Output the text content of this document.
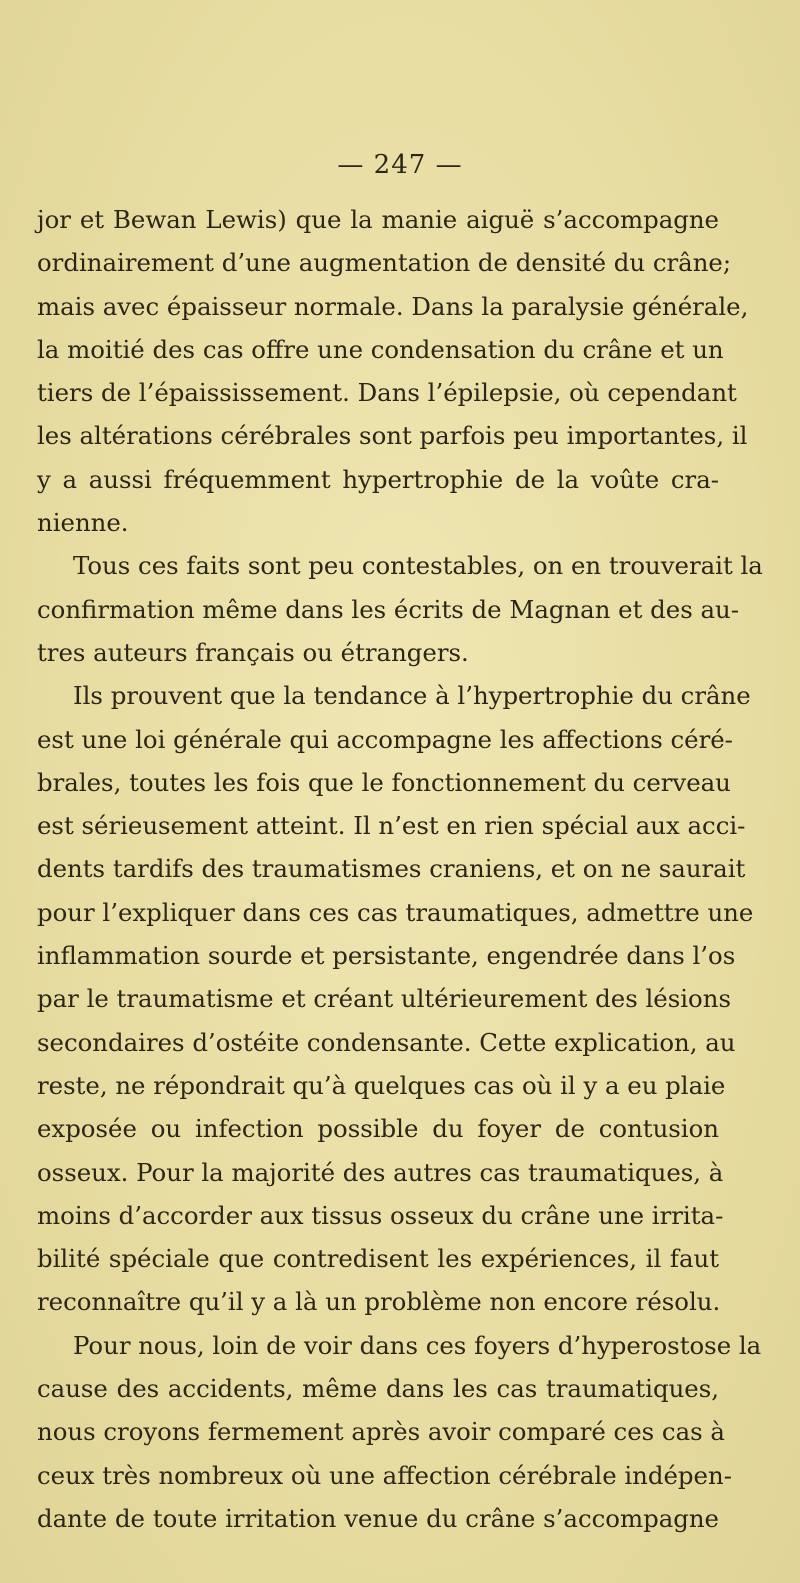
— 247 —
jor et Bewan Lewis) que la manie aiguë s’accompagne
ordinairement d’une augmentation de densité du crâne;
mais avec épaisseur normale. Dans la paralysie générale,
la moitié des cas offre une condensation du crâne et un
tiers de l’épaississement. Dans l’épilepsie, où cependant
les altérations cérébrales sont parfois peu importantes, il
y a aussi fréquemment hypertrophie de la voûte cra-
nienne.
Tous ces faits sont peu contestables, on en trouverait la
confirmation même dans les écrits de Magnan et des au-
tres auteurs français ou étrangers.
Ils prouvent que la tendance à l’hypertrophie du crâne
est une loi générale qui accompagne les affections céré-
brales, toutes les fois que le fonctionnement du cerveau
est sérieusement atteint. Il n’est en rien spécial aux acci-
dents tardifs des traumatismes craniens, et on ne saurait
pour l’expliquer dans ces cas traumatiques, admettre une
inflammation sourde et persistante, engendrée dans l’os
par le traumatisme et créant ultérieurement des lésions
secondaires d’ostéite condensante. Cette explication, au
reste, ne répondrait qu’à quelques cas où il y a eu plaie
exposée ou infection possible du foyer de contusion
osseux. Pour la majorité des autres cas traumatiques, à
moins d’accorder aux tissus osseux du crâne une irrita-
bilité spéciale que contredisent les expériences, il faut
reconnaître qu’il y a là un problème non encore résolu.
Pour nous, loin de voir dans ces foyers d’hyperostose la
cause des accidents, même dans les cas traumatiques,
nous croyons fermement après avoir comparé ces cas à
ceux très nombreux où une affection cérébrale indépen-
dante de toute irritation venue du crâne s’accompagne
